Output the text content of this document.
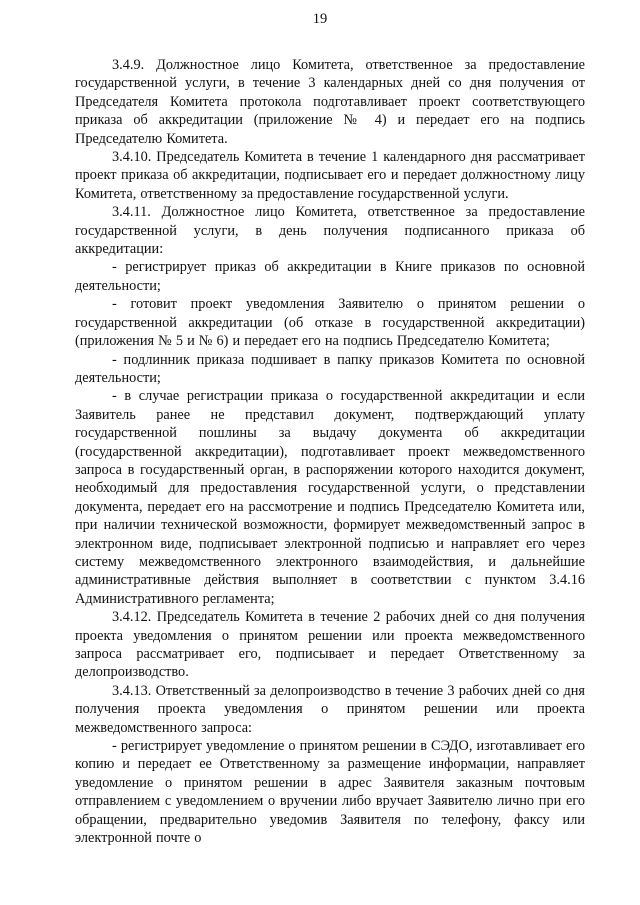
19

3.4.9. Должностное лицо Комитета, ответственное за предоставление государственной услуги, в течение 3 календарных дней со дня получения от Председателя Комитета протокола подготавливает проект соответствующего приказа об аккредитации (приложение № 4) и передает его на подпись Председателю Комитета.

3.4.10. Председатель Комитета в течение 1 календарного дня рассматривает проект приказа об аккредитации, подписывает его и передает должностному лицу Комитета, ответственному за предоставление государственной услуги.

3.4.11. Должностное лицо Комитета, ответственное за предоставление государственной услуги, в день получения подписанного приказа об аккредитации:

- регистрирует приказ об аккредитации в Книге приказов по основной деятельности;

- готовит проект уведомления Заявителю о принятом решении о государственной аккредитации (об отказе в государственной аккредитации) (приложения № 5 и № 6) и передает его на подпись Председателю Комитета;

- подлинник приказа подшивает в папку приказов Комитета по основной деятельности;

- в случае регистрации приказа о государственной аккредитации и если Заявитель ранее не представил документ, подтверждающий уплату государственной пошлины за выдачу документа об аккредитации (государственной аккредитации), подготавливает проект межведомственного запроса в государственный орган, в распоряжении которого находится документ, необходимый для предоставления государственной услуги, о представлении документа, передает его на рассмотрение и подпись Председателю Комитета или, при наличии технической возможности, формирует межведомственный запрос в электронном виде, подписывает электронной подписью и направляет его через систему межведомственного электронного взаимодействия, и дальнейшие административные действия выполняет в соответствии с пунктом 3.4.16 Административного регламента;

3.4.12. Председатель Комитета в течение 2 рабочих дней со дня получения проекта уведомления о принятом решении или проекта межведомственного запроса рассматривает его, подписывает и передает Ответственному за делопроизводство.

3.4.13. Ответственный за делопроизводство в течение 3 рабочих дней со дня получения проекта уведомления о принятом решении или проекта межведомственного запроса:

- регистрирует уведомление о принятом решении в СЭДО, изготавливает его копию и передает ее Ответственному за размещение информации, направляет уведомление о принятом решении в адрес Заявителя заказным почтовым отправлением с уведомлением о вручении либо вручает Заявителю лично при его обращении, предварительно уведомив Заявителя по телефону, факсу или электронной почте о
